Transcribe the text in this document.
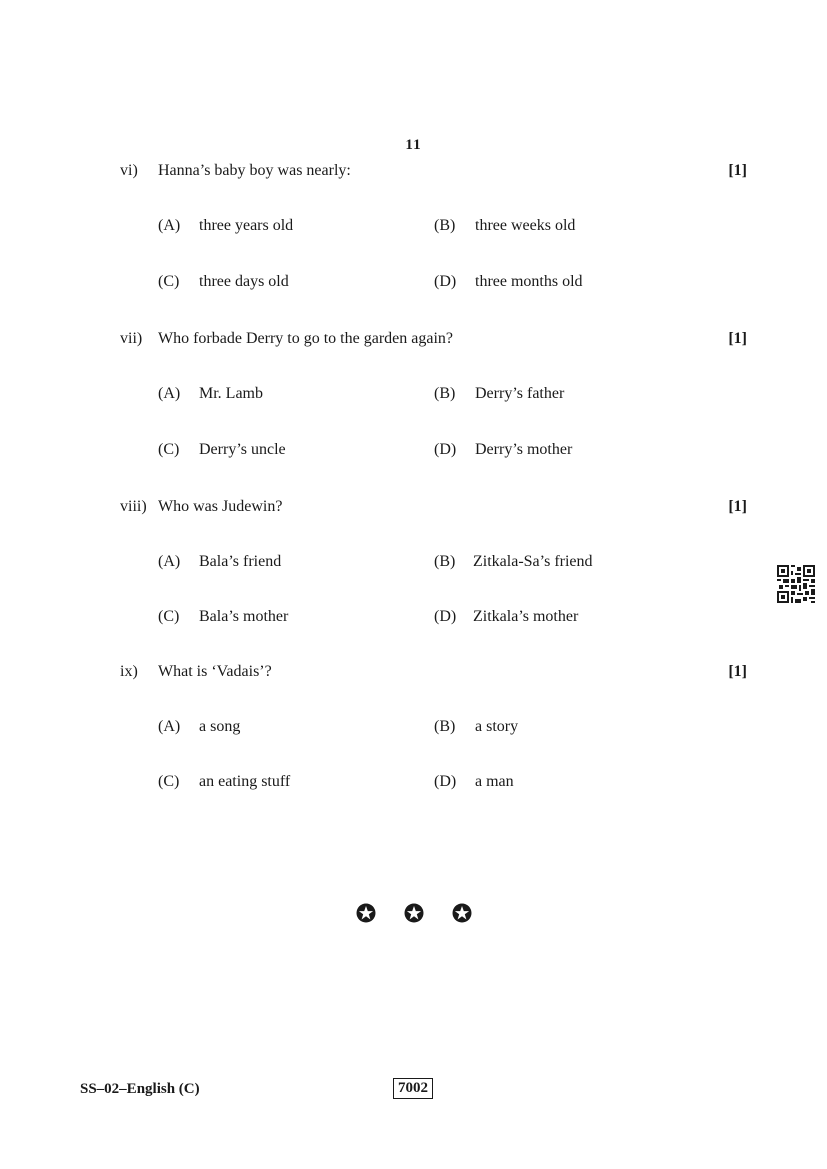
11
vi) Hanna’s baby boy was nearly:	[1]
(A) three years old	(B) three weeks old
(C) three days old	(D) three months old
vii) Who forbade Derry to go to the garden again?	[1]
(A) Mr. Lamb	(B) Derry’s father
(C) Derry’s uncle	(D) Derry’s mother
viii) Who was Judewin?	[1]
(A) Bala’s friend	(B) Zitkala-Sa’s friend
(C) Bala’s mother	(D) Zitkala’s mother
ix) What is ‘Vadais’?	[1]
(A) a song	(B) a story
(C) an eating stuff	(D) a man

SS–02–English (C)	7002
